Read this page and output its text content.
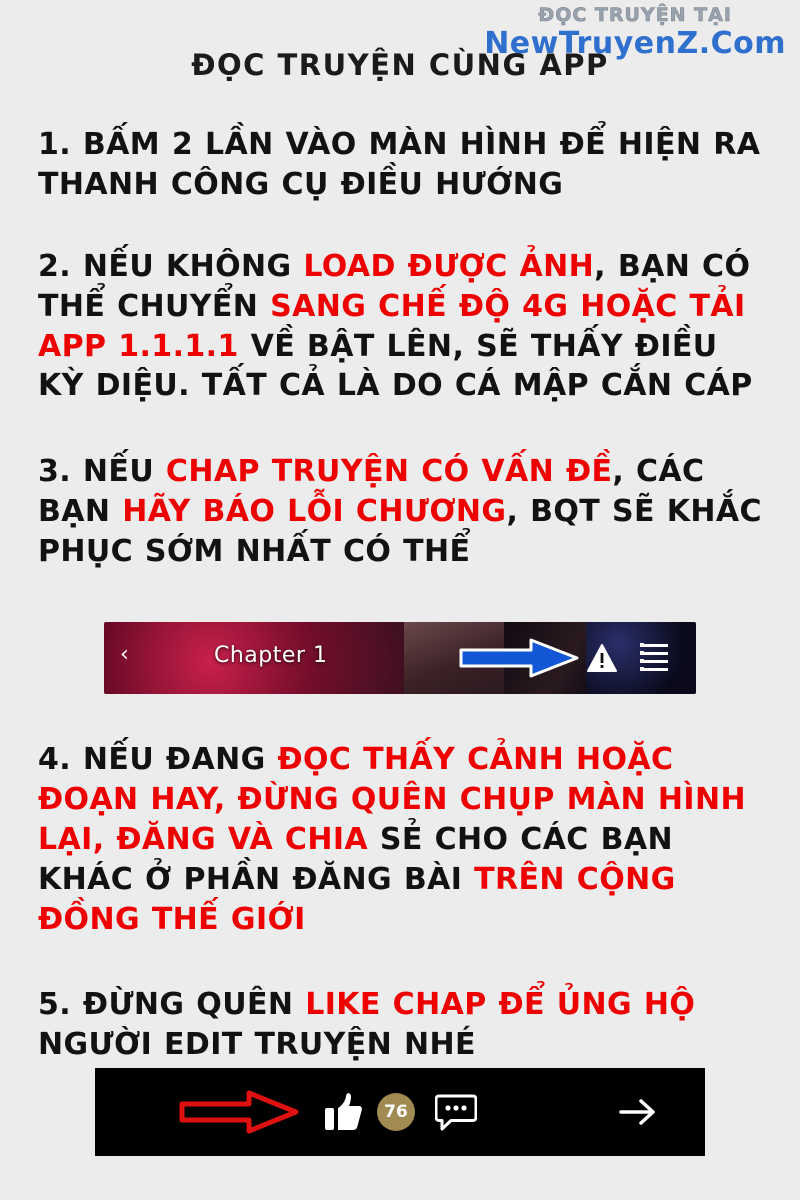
ĐỌC TRUYỆN TẠI
NewTruyenZ.Com
ĐỌC TRUYỆN CÙNG APP

1. BẤM 2 LẦN VÀO MÀN HÌNH ĐỂ HIỆN RA THANH CÔNG CỤ ĐIỀU HƯỚNG

2. NẾU KHÔNG LOAD ĐƯỢC ẢNH, BẠN CÓ THỂ CHUYỂN SANG CHẾ ĐỘ 4G HOẶC TẢI APP 1.1.1.1 VỀ BẬT LÊN, SẼ THẤY ĐIỀU KỲ DIỆU. TẤT CẢ LÀ DO CÁ MẬP CẮN CÁP

3. NẾU CHAP TRUYỆN CÓ VẤN ĐỀ, CÁC BẠN HÃY BÁO LỖI CHƯƠNG, BQT SẼ KHẮC PHỤC SỚM NHẤT CÓ THỂ

‹	Chapter 1

4. NẾU ĐANG ĐỌC THẤY CẢNH HOẶC ĐOẠN HAY, ĐỪNG QUÊN CHỤP MÀN HÌNH LẠI, ĐĂNG VÀ CHIA SẺ CHO CÁC BẠN KHÁC Ở PHẦN ĐĂNG BÀI TRÊN CỘNG ĐỒNG THẾ GIỚI

5. ĐỪNG QUÊN LIKE CHAP ĐỂ ỦNG HỘ NGƯỜI EDIT TRUYỆN NHÉ

76
